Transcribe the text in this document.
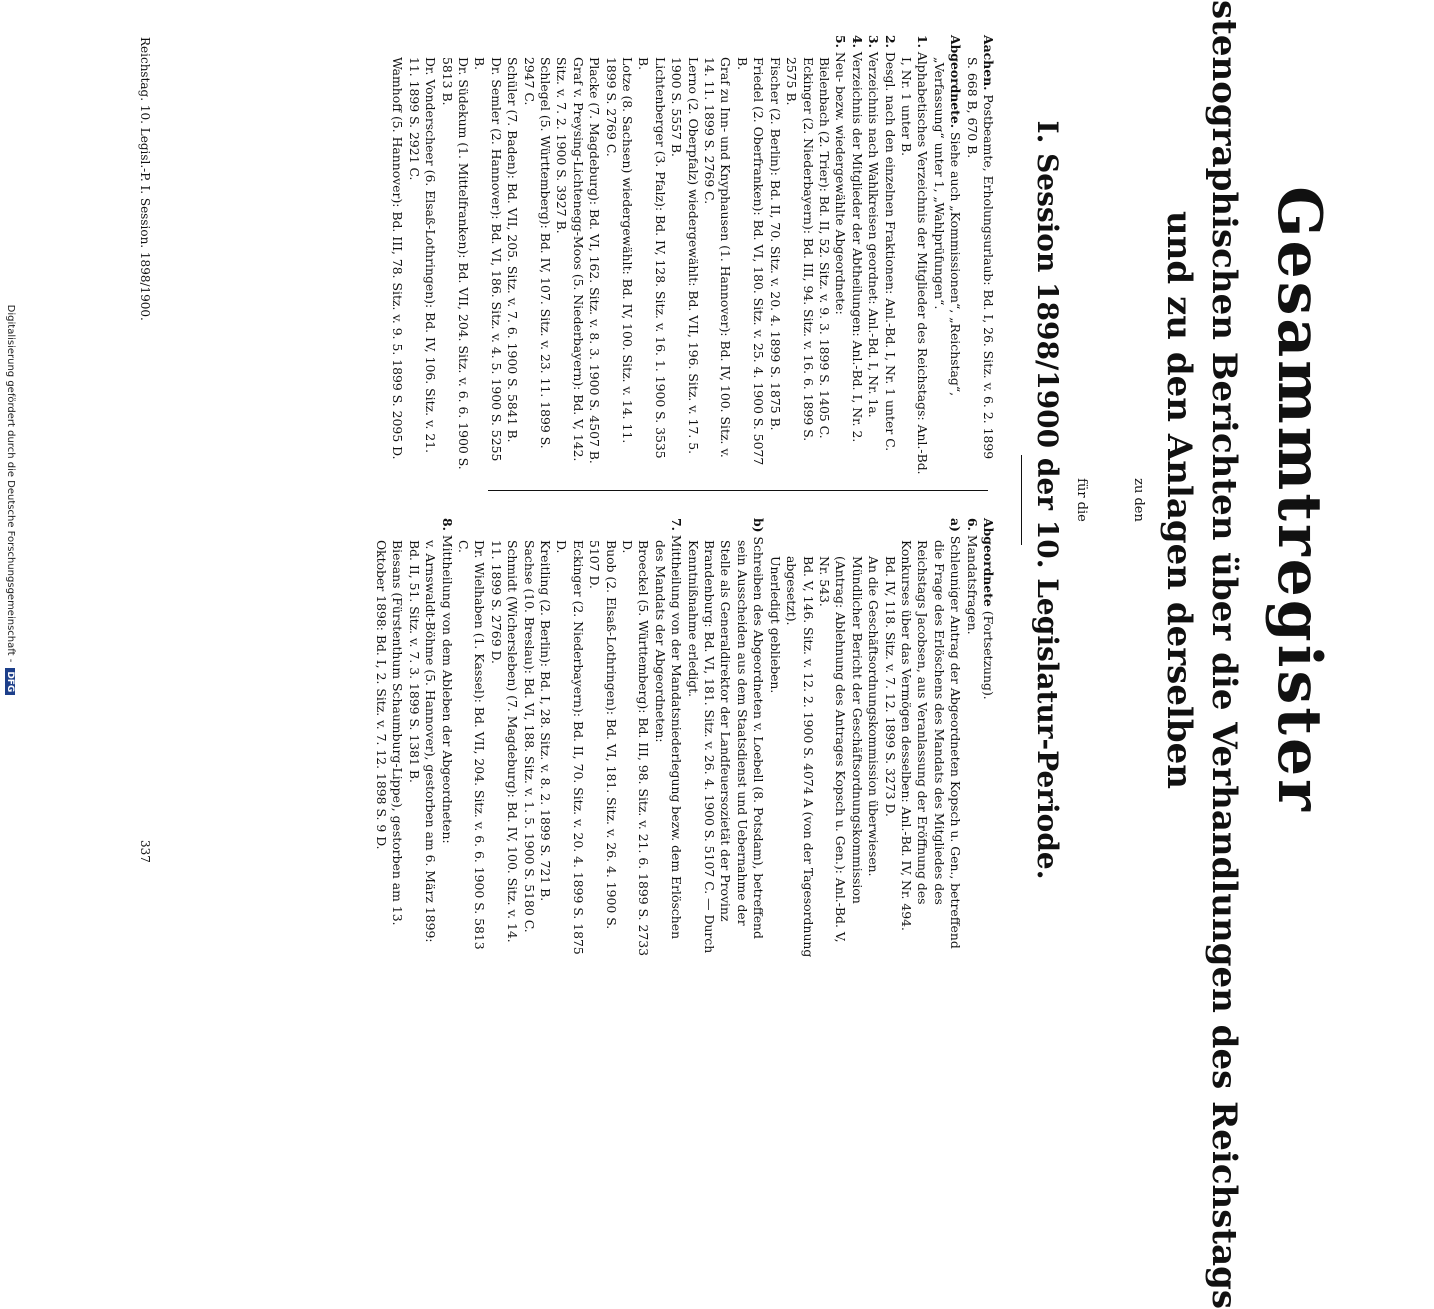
Gesammtregister
zu den stenographischen Berichten über die Verhandlungen des Reichstags
und zu den Anlagen derselben
für die
I. Session 1898/1900 der 10. Legislatur-Periode.

Aachen. Postbeamte, Erholungsurlaub: Bd. I, 26. Sitz. v. 6. 2. 1899 S. 668 B, 670 B.

Abgeordnete. Siehe auch „Kommissionen“, „Reichstag“, „Verfassung“ unter 1, „Wahlprüfungen“.

1. Alphabetisches Verzeichnis der Mitglieder des Reichstags: Anl.-Bd. I, Nr. 1 unter B.

2. Desgl. nach den einzelnen Fraktionen: Anl.-Bd. I, Nr. 1 unter C.

3. Verzeichnis nach Wahlkreisen geordnet: Anl.-Bd. I, Nr. 1a.

4. Verzeichnis der Mitglieder der Abtheilungen: Anl.-Bd. I, Nr. 2.

5. Neu- bezw. wiedergewählte Abgeordnete:

Bielenbach (2. Trier): Bd. II, 52. Sitz. v. 9. 3. 1899 S. 1405 C.

Eckinger (2. Niederbayern): Bd. III, 94. Sitz. v. 16. 6. 1899 S. 2575 B.

Fischer (2. Berlin): Bd. II, 70. Sitz. v. 20. 4. 1899 S. 1875 B.

Friedel (2. Oberfranken): Bd. VI, 180. Sitz. v. 25. 4. 1900 S. 5077 B.

Graf zu Inn- und Knyphausen (1. Hannover): Bd. IV, 100. Sitz. v. 14. 11. 1899 S. 2769 C.

Lerno (2. Oberpfalz) wiedergewählt: Bd. VII, 196. Sitz. v. 17. 5. 1900 S. 5557 B.

Lichtenberger (3. Pfalz): Bd. IV, 128. Sitz. v. 16. 1. 1900 S. 3535 B.

Lotze (8. Sachsen) wiedergewählt: Bd. IV, 100. Sitz. v. 14. 11. 1899 S. 2769 C.

Placke (7. Magdeburg): Bd. VI, 162. Sitz. v. 8. 3. 1900 S. 4507 B.

Graf v. Preysing-Lichtenegg-Moos (5. Niederbayern): Bd. V, 142. Sitz. v. 7. 2. 1900 S. 3927 B.

Schlegel (5. Württemberg): Bd. IV, 107. Sitz. v. 23. 11. 1899 S. 2947 C.

Schüler (7. Baden): Bd. VII, 205. Sitz. v. 7. 6. 1900 S. 5841 B.

Dr. Semler (2. Hannover): Bd. VI, 186. Sitz. v. 4. 5. 1900 S. 5255 B.

Dr. Südekum (1. Mittelfranken): Bd. VII, 204. Sitz. v. 6. 6. 1900 S. 5813 B.

Dr. Vonderscheer (6. Elsaß-Lothringen): Bd. IV, 106. Sitz. v. 21. 11. 1899 S. 2921 C.

Wamhoff (5. Hannover): Bd. III, 78. Sitz. v. 9. 5. 1899 S. 2095 D.

Abgeordnete (Fortsetzung).

6. Mandatsfragen.

a) Schleuniger Antrag der Abgeordneten Kopsch u. Gen., betreffend die Frage des Erlöschens des Mandats des Mitgliedes des Reichstags Jacobsen, aus Veranlassung der Eröffnung des Konkurses über das Vermögen desselben: Anl.-Bd. IV, Nr. 494.

Bd. IV, 118. Sitz. v. 7. 12. 1899 S. 3273 D.

An die Geschäftsordnungskommission überwiesen.

Mündlicher Bericht der Geschäftsordnungskommission (Antrag: Ablehnung des Antrages Kopsch u. Gen.): Anl.-Bd. V, Nr. 543.

Bd. V, 146. Sitz. v. 12. 2. 1900 S. 4074 A (von der Tagesordnung abgesetzt).

Unerledigt geblieben.

b) Schreiben des Abgeordneten v. Loebell (8. Potsdam), betreffend sein Ausscheiden aus dem Staatsdienst und Uebernahme der Stelle als Generaldirektor der Landfeuersozietät der Provinz Brandenburg: Bd. VI, 181. Sitz. v. 26. 4. 1900 S. 5107 C. — Durch Kenntnißnahme erledigt.

7. Mittheilung von der Mandatsniederlegung bezw. dem Erlöschen des Mandats der Abgeordneten:

Broeckel (5. Württemberg): Bd. III, 98. Sitz. v. 21. 6. 1899 S. 2733 D.

Buob (2. Elsaß-Lothringen): Bd. VI, 181. Sitz. v. 26. 4. 1900 S. 5107 D.

Eckinger (2. Niederbayern): Bd. II, 70. Sitz. v. 20. 4. 1899 S. 1875 D.

Kreitling (2. Berlin): Bd. I, 28. Sitz. v. 8. 2. 1899 S. 721 B.

Sachse (10. Breslau): Bd. VI, 188. Sitz. v. 1. 5. 1900 S. 5180 C.

Schmidt (Wichersleben) (7. Magdeburg): Bd. IV, 100. Sitz. v. 14. 11. 1899 S. 2769 D.

Dr. Wielhaben (1. Kassel): Bd. VII, 204. Sitz. v. 6. 6. 1900 S. 5813 C.

8. Mittheilung von dem Ableben der Abgeordneten:

v. Arnswaldt-Böhme (5. Hannover), gestorben am 6. März 1899: Bd. II, 51. Sitz. v. 7. 3. 1899 S. 1381 B.

Biesans (Fürstenthum Schaumburg-Lippe), gestorben am 13. Oktober 1898: Bd. I, 2. Sitz. v. 7. 12. 1898 S. 9 D.

Reichstag. 10. Legisl.-P. I. Session. 1898/1900.
337
Digitalisierung gefördert durch die Deutsche Forschungsgemeinschaft -DFG
